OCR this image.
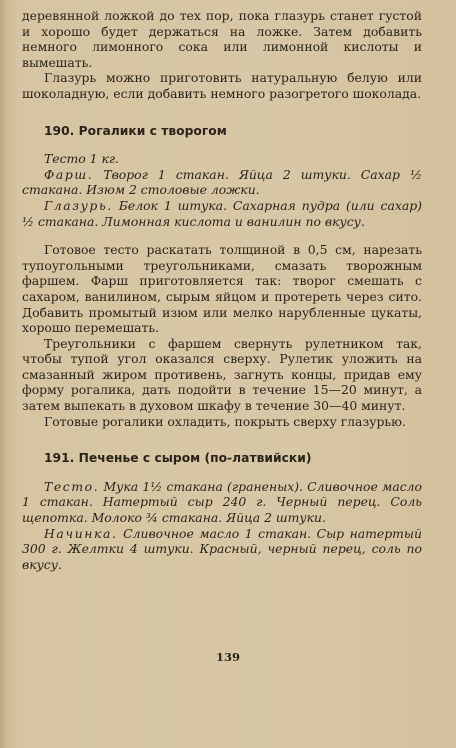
деревянной ложкой до тех пор, пока глазурь станет густой и хорошо будет держаться на ложке. Затем добавить немного лимонного сока или лимонной кислоты и вымешать.

Глазурь можно приготовить натуральную белую или шоколадную, если добавить немного разогретого шоколада.

190. Рогалики с творогом

Тесто 1 кг.

Фарш. Творог 1 стакан. Яйца 2 штуки. Сахар ½ стакана. Изюм 2 столовые ложки.

Глазурь. Белок 1 штука. Сахарная пудра (или сахар) ½ стакана. Лимонная кислота и ванилин по вкусу.

Готовое тесто раскатать толщиной в 0,5 см, нарезать тупоугольными треугольниками, смазать творожным фаршем. Фарш приготовляется так: творог смешать с сахаром, ванилином, сырым яйцом и протереть через сито. Добавить промытый изюм или мелко нарубленные цукаты, хорошо перемешать.

Треугольники с фаршем свернуть рулетником так, чтобы тупой угол оказался сверху. Рулетик уложить на смазанный жиром противень, загнуть концы, придав ему форму рогалика, дать подойти в течение 15—20 минут, а затем выпекать в духовом шкафу в течение 30—40 минут.

Готовые рогалики охладить, покрыть сверху глазурью.

191. Печенье с сыром (по-латвийски)

Тесто. Мука 1½ стакана (граненых). Сливочное масло 1 стакан. Натертый сыр 240 г. Черный перец. Соль щепотка. Молоко ¾ стакана. Яйца 2 штуки.

Начинка. Сливочное масло 1 стакан. Сыр натертый 300 г. Желтки 4 штуки. Красный, черный перец, соль по вкусу.

139
